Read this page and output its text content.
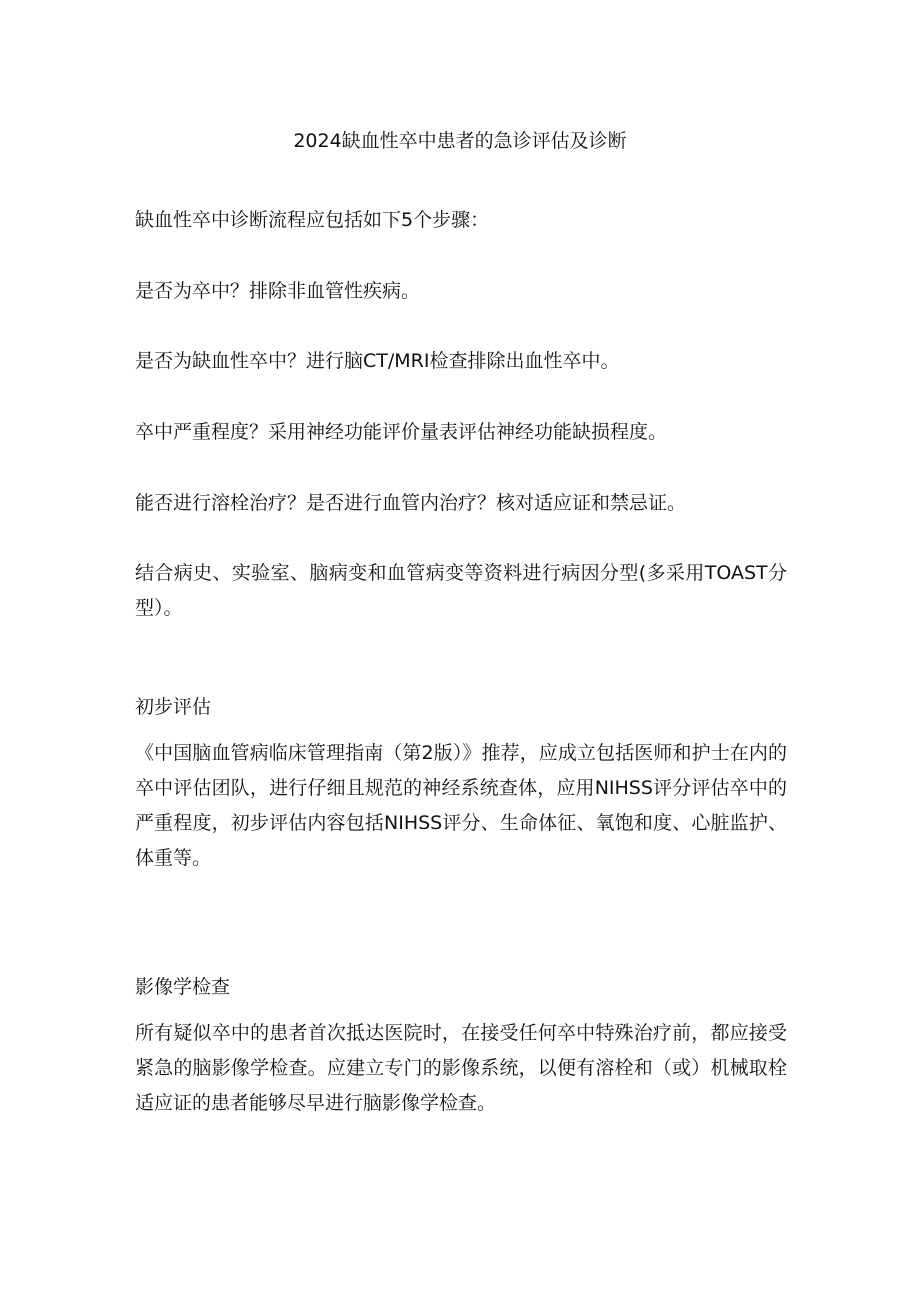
2024缺血性卒中患者的急诊评估及诊断
缺血性卒中诊断流程应包括如下5个步骤：
是否为卒中？排除非血管性疾病。
是否为缺血性卒中？进行脑CT/MRI检查排除出血性卒中。
卒中严重程度？采用神经功能评价量表评估神经功能缺损程度。
能否进行溶栓治疗？是否进行血管内治疗？核对适应证和禁忌证。
结合病史、实验室、脑病变和血管病变等资料进行病因分型(多采用TOAST分型）。
初步评估
《中国脑血管病临床管理指南（第2版）》推荐，应成立包括医师和护士在内的卒中评估团队，进行仔细且规范的神经系统查体，应用NIHSS评分评估卒中的严重程度，初步评估内容包括NIHSS评分、生命体征、氧饱和度、心脏监护、体重等。
影像学检查
所有疑似卒中的患者首次抵达医院时，在接受任何卒中特殊治疗前，都应接受紧急的脑影像学检查。应建立专门的影像系统，以便有溶栓和（或）机械取栓适应证的患者能够尽早进行脑影像学检查。
